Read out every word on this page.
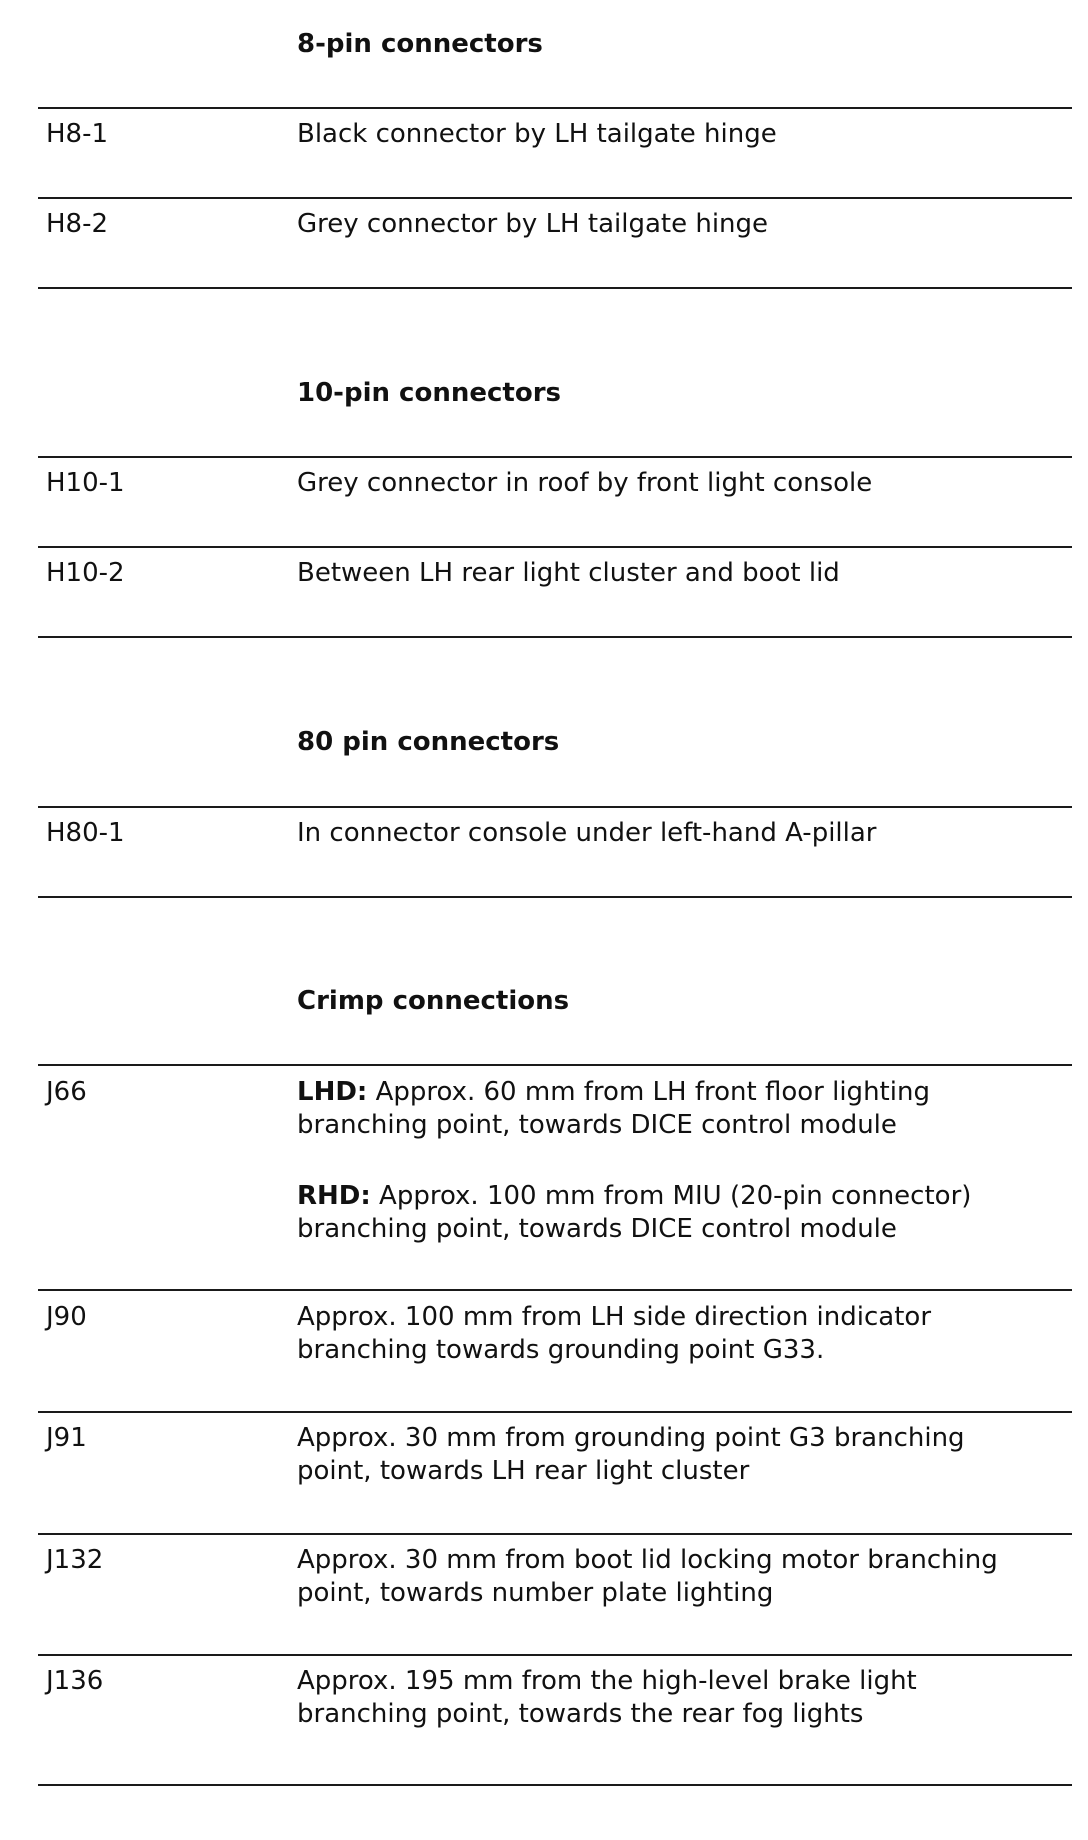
8-pin connectors
H8-1	Black connector by LH tailgate hinge
H8-2	Grey connector by LH tailgate hinge
10-pin connectors
H10-1	Grey connector in roof by front light console
H10-2	Between LH rear light cluster and boot lid
80 pin connectors
H80-1	In connector console under left-hand A-pillar
Crimp connections
J66	LHD: Approx. 60 mm from LH front floor lighting
branching point, towards DICE control module
RHD: Approx. 100 mm from MIU (20-pin connector)
branching point, towards DICE control module
J90	Approx. 100 mm from LH side direction indicator
branching towards grounding point G33.
J91	Approx. 30 mm from grounding point G3 branching
point, towards LH rear light cluster
J132	Approx. 30 mm from boot lid locking motor branching
point, towards number plate lighting
J136	Approx. 195 mm from the high-level brake light
branching point, towards the rear fog lights
